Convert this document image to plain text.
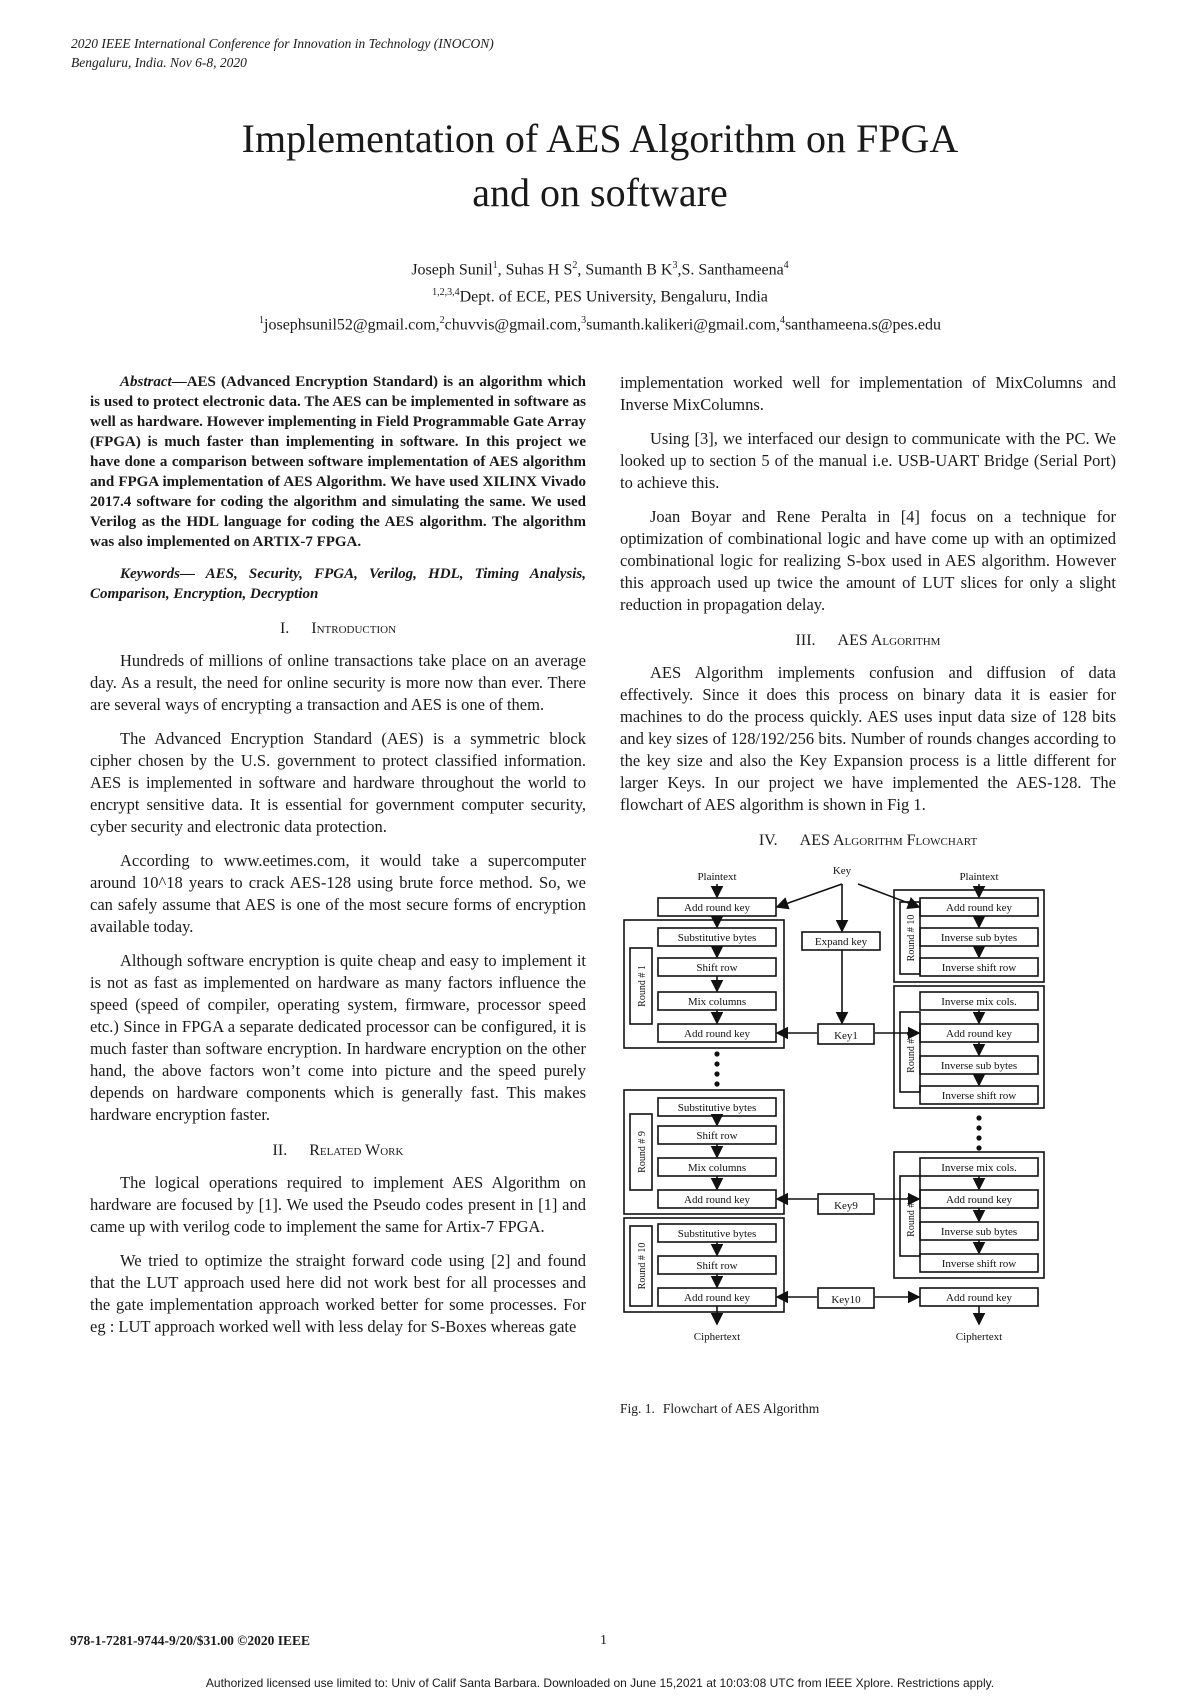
2020 IEEE International Conference for Innovation in Technology (INOCON)
Bengaluru, India. Nov 6-8, 2020
Implementation of AES Algorithm on FPGA
and on software
Joseph Sunil$^1$, Suhas H $S^2$, Sumanth B $K^3,S$. Santhameena$^4$
$^{1,2,3,4}$Dept. of ECE, PES University, Bengaluru, India
$^1$josephsunil52@gmail.com,$^2$chuvvis@gmail.com,$^3$sumanth.kalikeri@gmail.com,$^4$santhameena.s@pes.edu

Abstract—AES (Advanced Encryption Standard) is an algorithm which is used to protect electronic data. The AES can be implemented in software as well as hardware. However implementing in Field Programmable Gate Array (FPGA) is much faster than implementing in software. In this project we have done a comparison between software implementation of AES algorithm and FPGA implementation of AES Algorithm. We have used XILINX Vivado 2017.4 software for coding the algorithm and simulating the same. We used Verilog as the HDL language for coding the AES algorithm. The algorithm was also implemented on ARTIX-7 FPGA.

Keywords— AES, Security, FPGA, Verilog, HDL, Timing Analysis, Comparison, Encryption, Decryption

I. Introduction

Hundreds of millions of online transactions take place on an average day. As a result, the need for online security is more now than ever. There are several ways of encrypting a transaction and AES is one of them.

The Advanced Encryption Standard (AES) is a symmetric block cipher chosen by the U.S. government to protect classified information. AES is implemented in software and hardware throughout the world to encrypt sensitive data. It is essential for government computer security, cyber security and electronic data protection.

According to www.eetimes.com, it would take a supercomputer around 10^18 years to crack AES-128 using brute force method. So, we can safely assume that AES is one of the most secure forms of encryption available today.

Although software encryption is quite cheap and easy to implement it is not as fast as implemented on hardware as many factors influence the speed (speed of compiler, operating system, firmware, processor speed etc.) Since in FPGA a separate dedicated processor can be configured, it is much faster than software encryption. In hardware encryption on the other hand, the above factors won’t come into picture and the speed purely depends on hardware components which is generally fast. This makes hardware encryption faster.

II. Related Work

The logical operations required to implement AES Algorithm on hardware are focused by [1]. We used the Pseudo codes present in [1] and came up with verilog code to implement the same for Artix-7 FPGA.

We tried to optimize the straight forward code using [2] and found that the LUT approach used here did not work best for all processes and the gate implementation approach worked better for some processes. For eg : LUT approach worked well with less delay for S-Boxes whereas gate

implementation worked well for implementation of MixColumns and Inverse MixColumns.

Using [3], we interfaced our design to communicate with the PC. We looked up to section 5 of the manual i.e. USB-UART Bridge (Serial Port) to achieve this.

Joan Boyar and Rene Peralta in [4] focus on a technique for optimization of combinational logic and have come up with an optimized combinational logic for realizing S-box used in AES algorithm. However this approach used up twice the amount of LUT slices for only a slight reduction in propagation delay.

III. AES Algorithm

AES Algorithm implements confusion and diffusion of data effectively. Since it does this process on binary data it is easier for machines to do the process quickly. AES uses input data size of 128 bits and key sizes of 128/192/256 bits. Number of rounds changes according to the key size and also the Key Expansion process is a little different for larger Keys. In our project we have implemented the AES-128. The flowchart of AES algorithm is shown in Fig 1.

IV. AES Algorithm Flowchart
Key
Plaintext	Plaintext
Add round key
Substitutive bytes
Shift row
Mix columns
Add round key
Substitutive bytes
Shift row
Mix columns
Add round key
Substitutive bytes
Shift row
Add round key
Ciphertext
Expand key
Key1
Key9
Key10
Add round key
Inverse sub bytes
Inverse shift row
Inverse mix cols.
Add round key
Inverse sub bytes
Inverse shift row
Inverse mix cols.
Add round key
Inverse sub bytes
Inverse shift row
Add round key
Ciphertext
Round # 1
Round # 9
Round # 10
Round # 10
Round # 5
Round # 1
Fig. 1. Flowchart of AES Algorithm
978-1-7281-9744-9/20/$31.00 ©2020 IEEE	1
Authorized licensed use limited to: Univ of Calif Santa Barbara. Downloaded on June 15,2021 at 10:03:08 UTC from IEEE Xplore. Restrictions apply.
